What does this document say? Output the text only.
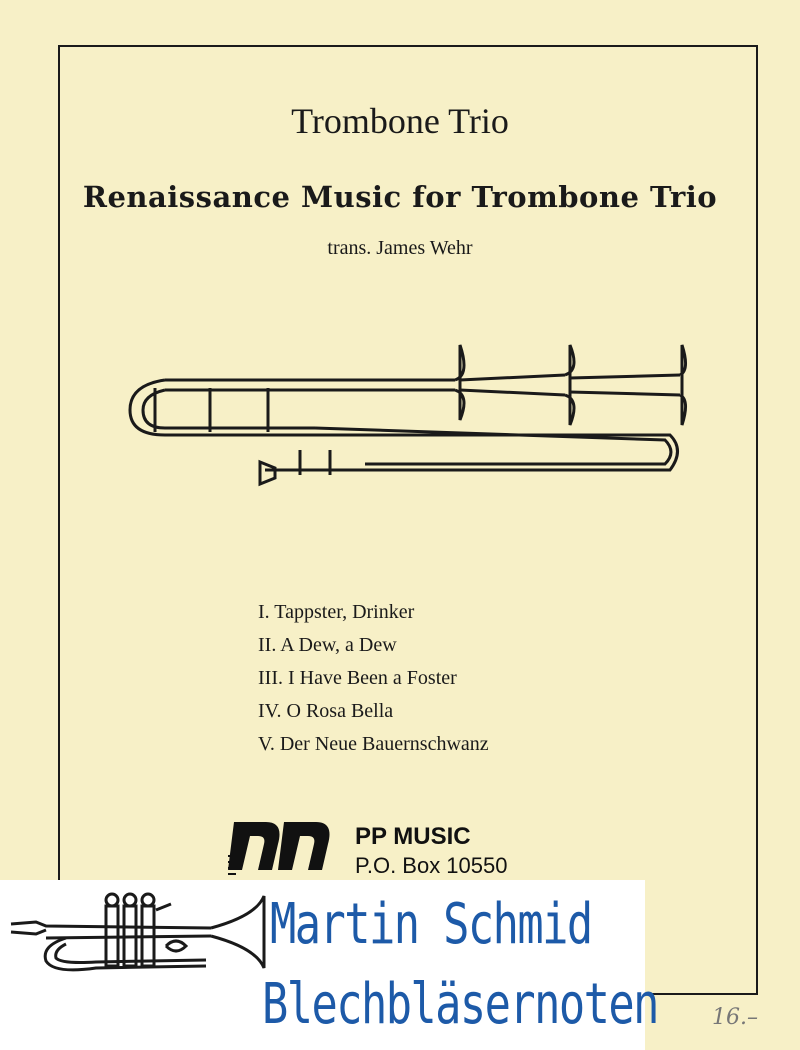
Trombone Trio
Renaissance Music for Trombone Trio
trans. James Wehr
I. Tappster, Drinker
II. A Dew, a Dew
III. I Have Been a Foster
IV. O Rosa Bella
V. Der Neue Bauernschwanz
PP MUSIC
P.O. Box 10550
Martin Schmid
Blechbläsernoten 16.–
